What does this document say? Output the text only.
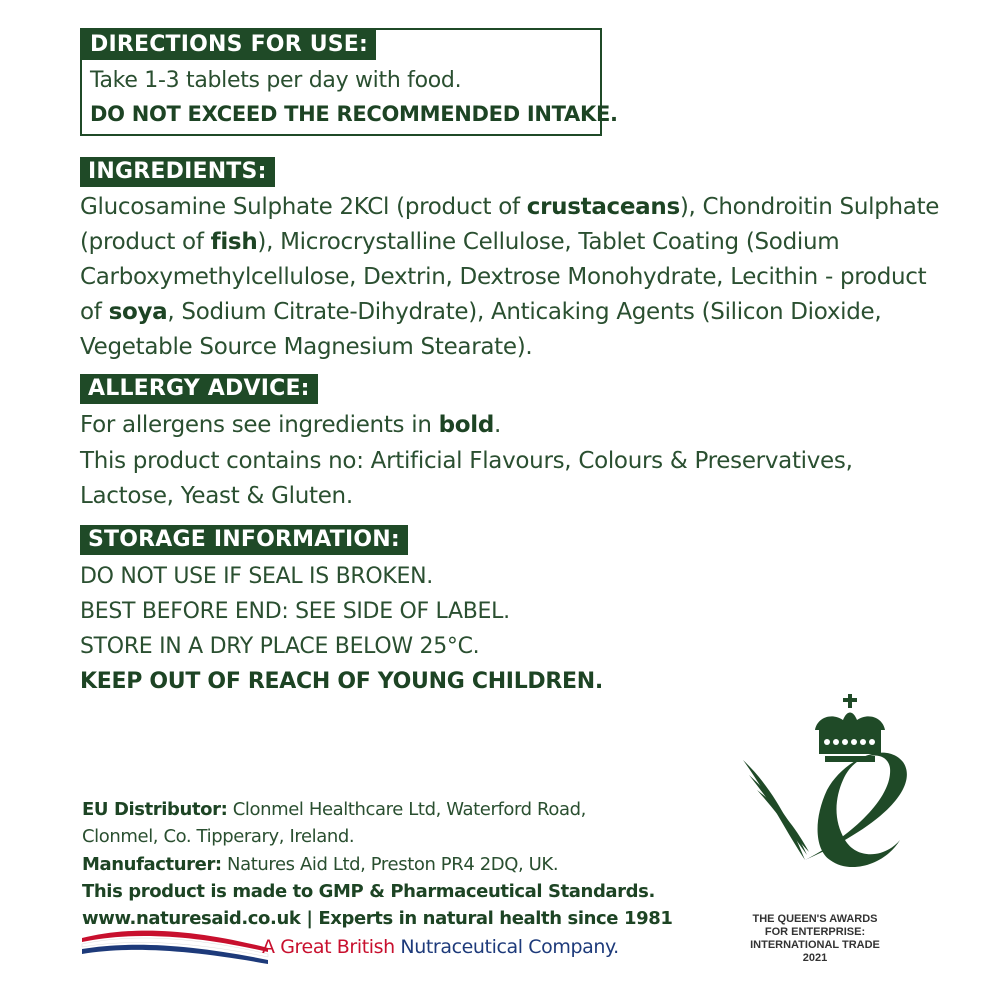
DIRECTIONS FOR USE:
Take 1-3 tablets per day with food.
DO NOT EXCEED THE RECOMMENDED INTAKE.
INGREDIENTS:
Glucosamine Sulphate 2KCl (product of crustaceans), Chondroitin Sulphate
(product of fish), Microcrystalline Cellulose, Tablet Coating (Sodium
Carboxymethylcellulose, Dextrin, Dextrose Monohydrate, Lecithin - product
of soya, Sodium Citrate-Dihydrate), Anticaking Agents (Silicon Dioxide,
Vegetable Source Magnesium Stearate).
ALLERGY ADVICE:
For allergens see ingredients in bold.
This product contains no: Artificial Flavours, Colours & Preservatives,
Lactose, Yeast & Gluten.
STORAGE INFORMATION:
DO NOT USE IF SEAL IS BROKEN.
BEST BEFORE END: SEE SIDE OF LABEL.
STORE IN A DRY PLACE BELOW 25°C.
KEEP OUT OF REACH OF YOUNG CHILDREN.
EU Distributor: Clonmel Healthcare Ltd, Waterford Road,
Clonmel, Co. Tipperary, Ireland.
Manufacturer: Natures Aid Ltd, Preston PR4 2DQ, UK.
This product is made to GMP & Pharmaceutical Standards.
www.naturesaid.co.uk | Experts in natural health since 1981
A Great British Nutraceutical Company.
THE QUEEN'S AWARDS
FOR ENTERPRISE:
INTERNATIONAL TRADE
2021
